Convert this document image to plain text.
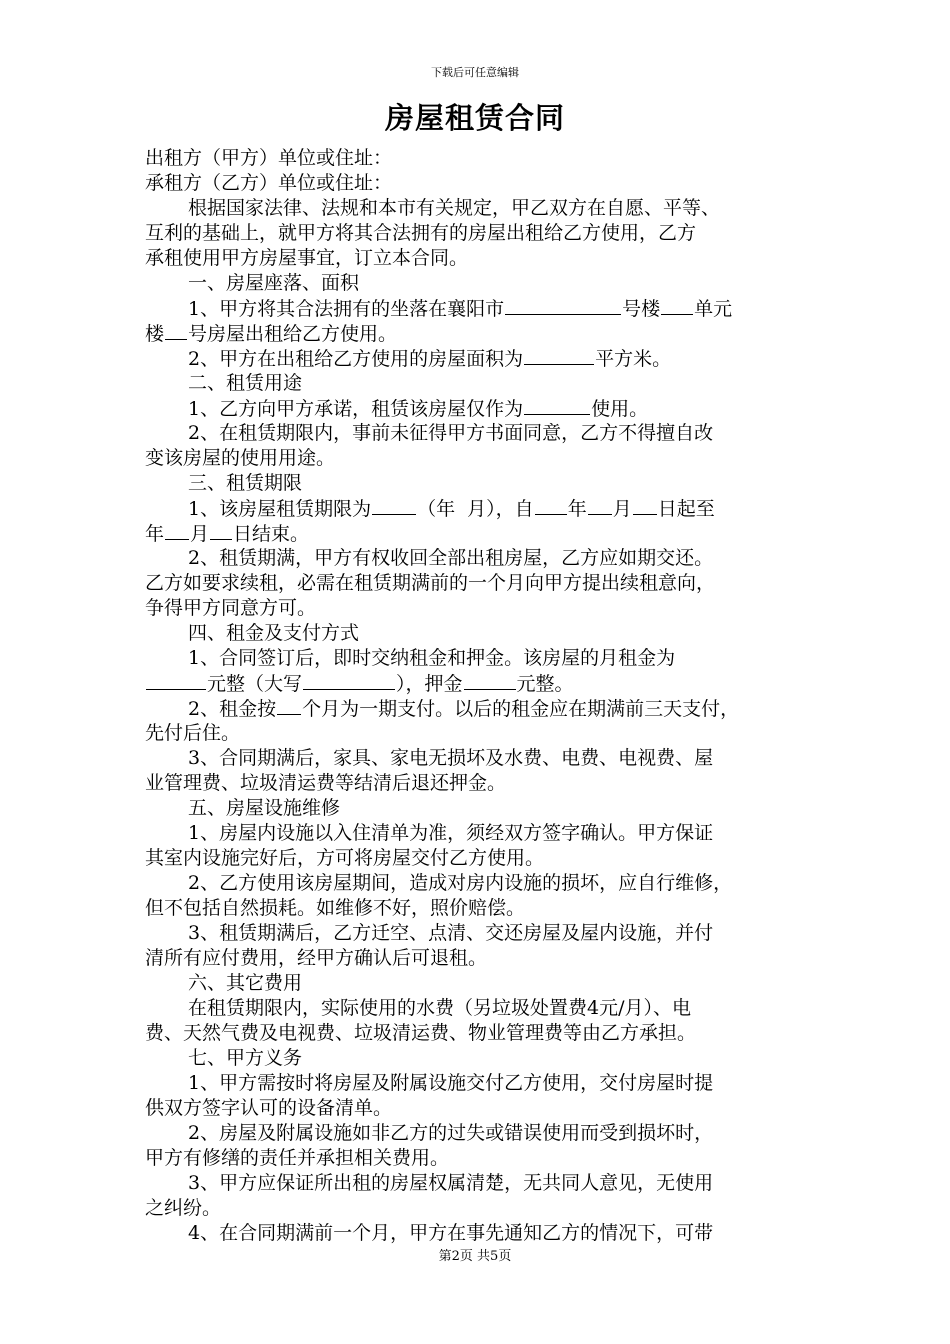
下载后可任意编辑
房屋租赁合同
出租方（甲方）单位或住址：
承租方（乙方）单位或住址：
根据国家法律、法规和本市有关规定，甲乙双方在自愿、平等、
互利的基础上，就甲方将其合法拥有的房屋出租给乙方使用，乙方
承租使用甲方房屋事宜，订立本合同。
一、房屋座落、面积
1、甲方将其合法拥有的坐落在襄阳市	号楼 单元
楼 号房屋出租给乙方使用。
2、甲方在出租给乙方使用的房屋面积为	平方米。
二、租赁用途
1、乙方向甲方承诺，租赁该房屋仅作为	使用。
2、在租赁期限内，事前未征得甲方书面同意，乙方不得擅自改
变该房屋的使用用途。
三、租赁期限
1、该房屋租赁期限为 （年  月），自 年 月 日起至
年 月 日结束。
2、租赁期满，甲方有权收回全部出租房屋，乙方应如期交还。
乙方如要求续租，必需在租赁期满前的一个月向甲方提出续租意向，
争得甲方同意方可。
四、租金及支付方式
1、合同签订后，即时交纳租金和押金。该房屋的月租金为
元整（大写	），押金	元整。
2、租金按 个月为一期支付。以后的租金应在期满前三天支付，
先付后住。
3、合同期满后，家具、家电无损坏及水费、电费、电视费、屋
业管理费、垃圾清运费等结清后退还押金。
五、房屋设施维修
1、房屋内设施以入住清单为准，须经双方签字确认。甲方保证
其室内设施完好后，方可将房屋交付乙方使用。
2、乙方使用该房屋期间，造成对房内设施的损坏，应自行维修，
但不包括自然损耗。如维修不好，照价赔偿。
3、租赁期满后，乙方迁空、点清、交还房屋及屋内设施，并付
清所有应付费用，经甲方确认后可退租。
六、其它费用
在租赁期限内，实际使用的水费（另垃圾处置费4元/月）、电
费、天然气费及电视费、垃圾清运费、物业管理费等由乙方承担。
七、甲方义务
1、甲方需按时将房屋及附属设施交付乙方使用，交付房屋时提
供双方签字认可的设备清单。
2、房屋及附属设施如非乙方的过失或错误使用而受到损坏时，
甲方有修缮的责任并承担相关费用。
3、甲方应保证所出租的房屋权属清楚，无共同人意见，无使用
之纠纷。
4、在合同期满前一个月，甲方在事先通知乙方的情况下，可带
第2页 共5页
